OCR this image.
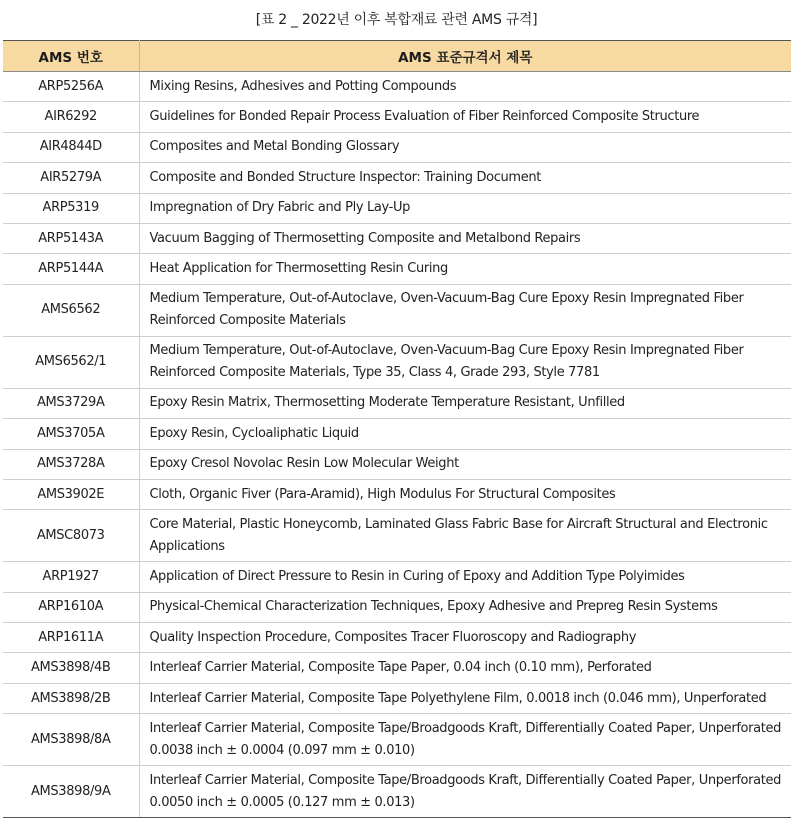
[표 2 _ 2022년 이후 복합재료 관련 AMS 규격]
AMS 번호	AMS 표준규격서 제목
ARP5256A	Mixing Resins, Adhesives and Potting Compounds
AIR6292	Guidelines for Bonded Repair Process Evaluation of Fiber Reinforced Composite Structure
AIR4844D	Composites and Metal Bonding Glossary
AIR5279A	Composite and Bonded Structure Inspector: Training Document
ARP5319	Impregnation of Dry Fabric and Ply Lay-Up
ARP5143A	Vacuum Bagging of Thermosetting Composite and Metalbond Repairs
ARP5144A	Heat Application for Thermosetting Resin Curing
AMS6562	Medium Temperature, Out-of-Autoclave, Oven-Vacuum-Bag Cure Epoxy Resin Impregnated Fiber Reinforced Composite Materials
AMS6562/1	Medium Temperature, Out-of-Autoclave, Oven-Vacuum-Bag Cure Epoxy Resin Impregnated Fiber Reinforced Composite Materials, Type 35, Class 4, Grade 293, Style 7781
AMS3729A	Epoxy Resin Matrix, Thermosetting Moderate Temperature Resistant, Unfilled
AMS3705A	Epoxy Resin, Cycloaliphatic Liquid
AMS3728A	Epoxy Cresol Novolac Resin Low Molecular Weight
AMS3902E	Cloth, Organic Fiver (Para-Aramid), High Modulus For Structural Composites
AMSC8073	Core Material, Plastic Honeycomb, Laminated Glass Fabric Base for Aircraft Structural and Electronic Applications
ARP1927	Application of Direct Pressure to Resin in Curing of Epoxy and Addition Type Polyimides
ARP1610A	Physical-Chemical Characterization Techniques, Epoxy Adhesive and Prepreg Resin Systems
ARP1611A	Quality Inspection Procedure, Composites Tracer Fluoroscopy and Radiography
AMS3898/4B	Interleaf Carrier Material, Composite Tape Paper, 0.04 inch (0.10 mm), Perforated
AMS3898/2B	Interleaf Carrier Material, Composite Tape Polyethylene Film, 0.0018 inch (0.046 mm), Unperforated
AMS3898/8A	Interleaf Carrier Material, Composite Tape/Broadgoods Kraft, Differentially Coated Paper, Unperforated 0.0038 inch ± 0.0004 (0.097 mm ± 0.010)
AMS3898/9A	Interleaf Carrier Material, Composite Tape/Broadgoods Kraft, Differentially Coated Paper, Unperforated 0.0050 inch ± 0.0005 (0.127 mm ± 0.013)
